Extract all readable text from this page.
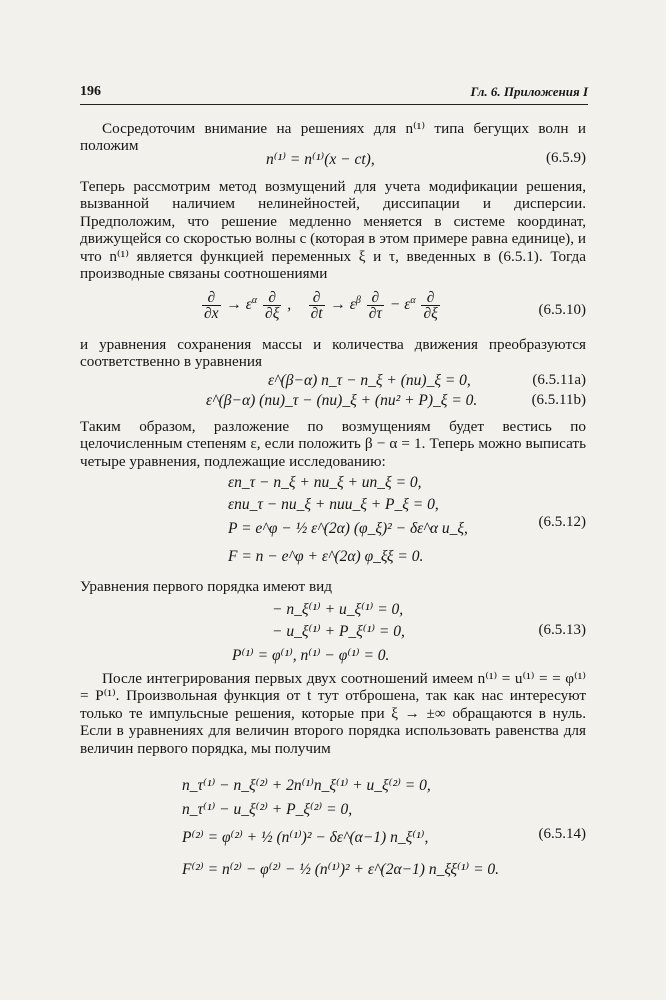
196	Гл. 6. Приложения I

Сосредоточим внимание на решениях для n⁽¹⁾ типа бегущих волн и положим

n⁽¹⁾ = n⁽¹⁾(x − ct),	(6.5.9)

Теперь рассмотрим метод возмущений для учета модификации решения, вызванной наличием нелинейностей, диссипации и дисперсии. Предположим, что решение медленно меняется в системе координат, движущейся со скоростью волны c (которая в этом примере равна единице), и что n⁽¹⁾ является функцией переменных ξ и τ, введенных в (6.5.1). Тогда производные связаны соотношениями

$\frac{\partial}{\partial x} \to \varepsilon^\alpha \frac{\partial}{\partial\xi}$ , $\frac{\partial}{\partial t} \to \varepsilon^\beta \frac{\partial}{\partial\tau} - \varepsilon^\alpha \frac{\partial}{\partial\xi}$	(6.5.10)

и уравнения сохранения массы и количества движения преобразуются соответственно в уравнения

ε^(β−α) n_τ − n_ξ + (nu)_ξ = 0,	(6.5.11a)
ε^(β−α) (nu)_τ − (nu)_ξ + (nu² + P)_ξ = 0.	(6.5.11b)

Таким образом, разложение по возмущениям будет вестись по целочисленным степеням ε, если положить β − α = 1. Теперь можно выписать четыре уравнения, подлежащие исследованию:

εn_τ − n_ξ + nu_ξ + un_ξ = 0,
εnu_τ − nu_ξ + nuu_ξ + P_ξ = 0,
P = e^φ − ½ ε^(2α) (φ_ξ)² − δε^α u_ξ,
F = n − e^φ + ε^(2α) φ_ξξ = 0.
(6.5.12)

Уравнения первого порядка имеют вид

− n_ξ⁽¹⁾ + u_ξ⁽¹⁾ = 0,
− u_ξ⁽¹⁾ + P_ξ⁽¹⁾ = 0,
P⁽¹⁾ = φ⁽¹⁾, n⁽¹⁾ − φ⁽¹⁾ = 0.
(6.5.13)

После интегрирования первых двух соотношений имеем n⁽¹⁾ = u⁽¹⁾ = = φ⁽¹⁾ = P⁽¹⁾. Произвольная функция от t тут отброшена, так как нас интересуют только те импульсные решения, которые при ξ → ±∞ обращаются в нуль. Если в уравнениях для величин второго порядка использовать равенства для величин первого порядка, мы получим

n_τ⁽¹⁾ − n_ξ⁽²⁾ + 2n⁽¹⁾n_ξ⁽¹⁾ + u_ξ⁽²⁾ = 0,
n_τ⁽¹⁾ − u_ξ⁽²⁾ + P_ξ⁽²⁾ = 0,
P⁽²⁾ = φ⁽²⁾ + ½ (n⁽¹⁾)² − δε^(α−1) n_ξ⁽¹⁾,
F⁽²⁾ = n⁽²⁾ − φ⁽²⁾ − ½ (n⁽¹⁾)² + ε^(2α−1) n_ξξ⁽¹⁾ = 0.
(6.5.14)
